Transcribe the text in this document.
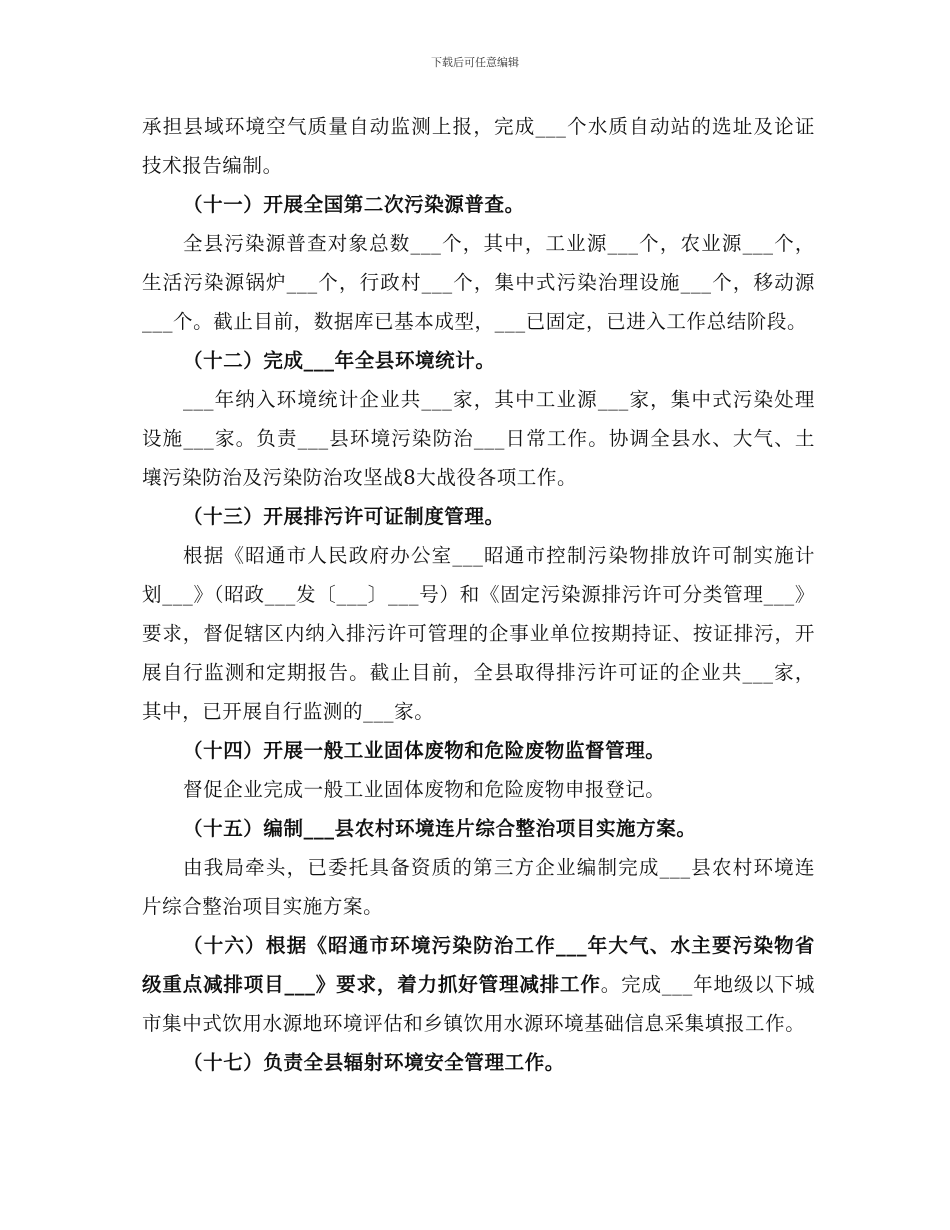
下载后可任意编辑

承担县域环境空气质量自动监测上报，完成___个水质自动站的选址及论证技术报告编制。

（十一）开展全国第二次污染源普查。

全县污染源普查对象总数___个，其中，工业源___个，农业源___个，生活污染源锅炉___个，行政村___个，集中式污染治理设施___个，移动源___个。截止目前，数据库已基本成型，___已固定，已进入工作总结阶段。

（十二）完成___年全县环境统计。

___年纳入环境统计企业共___家，其中工业源___家，集中式污染处理设施___家。负责___县环境污染防治___日常工作。协调全县水、大气、土壤污染防治及污染防治攻坚战8大战役各项工作。

（十三）开展排污许可证制度管理。

根据《昭通市人民政府办公室___昭通市控制污染物排放许可制实施计划___》（昭政___发〔___〕___号）和《固定污染源排污许可分类管理___》要求，督促辖区内纳入排污许可管理的企事业单位按期持证、按证排污，开展自行监测和定期报告。截止目前，全县取得排污许可证的企业共___家，其中，已开展自行监测的___家。

（十四）开展一般工业固体废物和危险废物监督管理。

督促企业完成一般工业固体废物和危险废物申报登记。

（十五）编制___县农村环境连片综合整治项目实施方案。

由我局牵头，已委托具备资质的第三方企业编制完成___县农村环境连片综合整治项目实施方案。

（十六）根据《昭通市环境污染防治工作___年大气、水主要污染物省级重点减排项目___》要求，着力抓好管理减排工作。完成___年地级以下城市集中式饮用水源地环境评估和乡镇饮用水源环境基础信息采集填报工作。

（十七）负责全县辐射环境安全管理工作。
